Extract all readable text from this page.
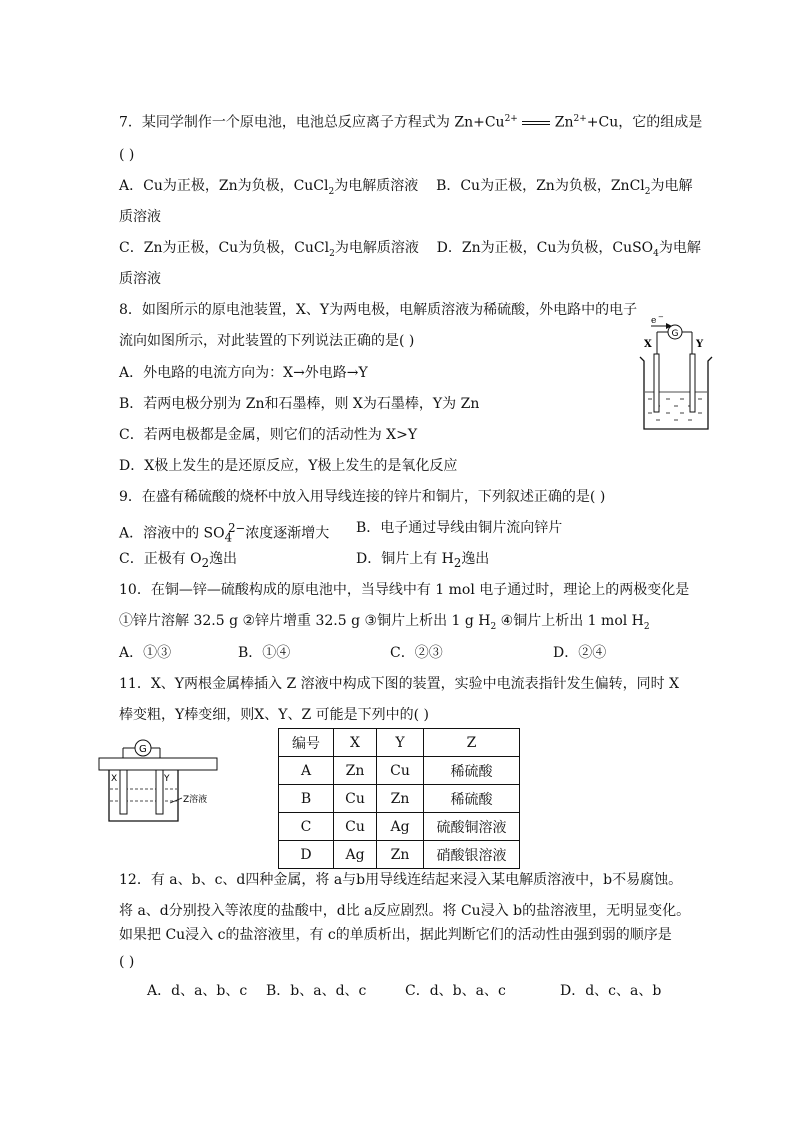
7．某同学制作一个原电池，电池总反应离子方程式为 $Zn+Cu^{2+}$	$Zn^{2+}+Cu$，它的组成是
( )
A．Cu为正极，Zn为负极，CuCl$_2$为电解质溶液 B．Cu为正极，Zn为负极，ZnCl$_2$为电解
质溶液
C．Zn为正极，Cu为负极，CuCl$_2$为电解质溶液 D．Zn为正极，Cu为负极，CuSO$_4$为电解
质溶液
8．如图所示的原电池装置，X、Y为两电极，电解质溶液为稀硫酸，外电路中的电子
流向如图所示，对此装置的下列说法正确的是( )
A．外电路的电流方向为：X→外电路→Y
B．若两电极分别为 Zn和石墨棒，则 X为石墨棒，Y为 Zn
C．若两电极都是金属，则它们的活动性为 X>Y
D．X极上发生的是还原反应，Y极上发生的是氧化反应
e −
G
X	Y
9．在盛有稀硫酸的烧杯中放入用导线连接的锌片和铜片，下列叙述正确的是( )
A．溶液中的 $SO_4^{2-}$浓度逐渐增大 B．电子通过导线由铜片流向锌片
C．正极有 $O_2$逸出	D．铜片上有 $H_2$逸出
10．在铜—锌—硫酸构成的原电池中，当导线中有 1 mol 电子通过时，理论上的两极变化是
①锌片溶解 32.5 g ②锌片增重 32.5 g ③铜片上析出 1 g $H_2$ ④铜片上析出 1 mol $H_2$
A．①③	B．①④	C．②③	D．②④
11．X、Y两根金属棒插入 Z 溶液中构成下图的装置，实验中电流表指针发生偏转，同时 X
棒变粗，Y棒变细，则X、Y、Z 可能是下列中的( )
G
X	Y
Z溶液
编号	X	Y	Z
A	Zn	Cu	稀硫酸
B	Cu	Zn	稀硫酸
C	Cu	Ag	硫酸铜溶液
D	Ag	Zn	硝酸银溶液
12．有 a、b、c、d四种金属，将 a与b用导线连结起来浸入某电解质溶液中，b不易腐蚀。
将 a、d分别投入等浓度的盐酸中，d比 a反应剧烈。将 Cu浸入 b的盐溶液里，无明显变化。
如果把 Cu浸入 c的盐溶液里，有 c的单质析出，据此判断它们的活动性由强到弱的顺序是
( )
A．d、a、b、c B．b、a、d、c	C．d、b、a、c	D．d、c、a、b
